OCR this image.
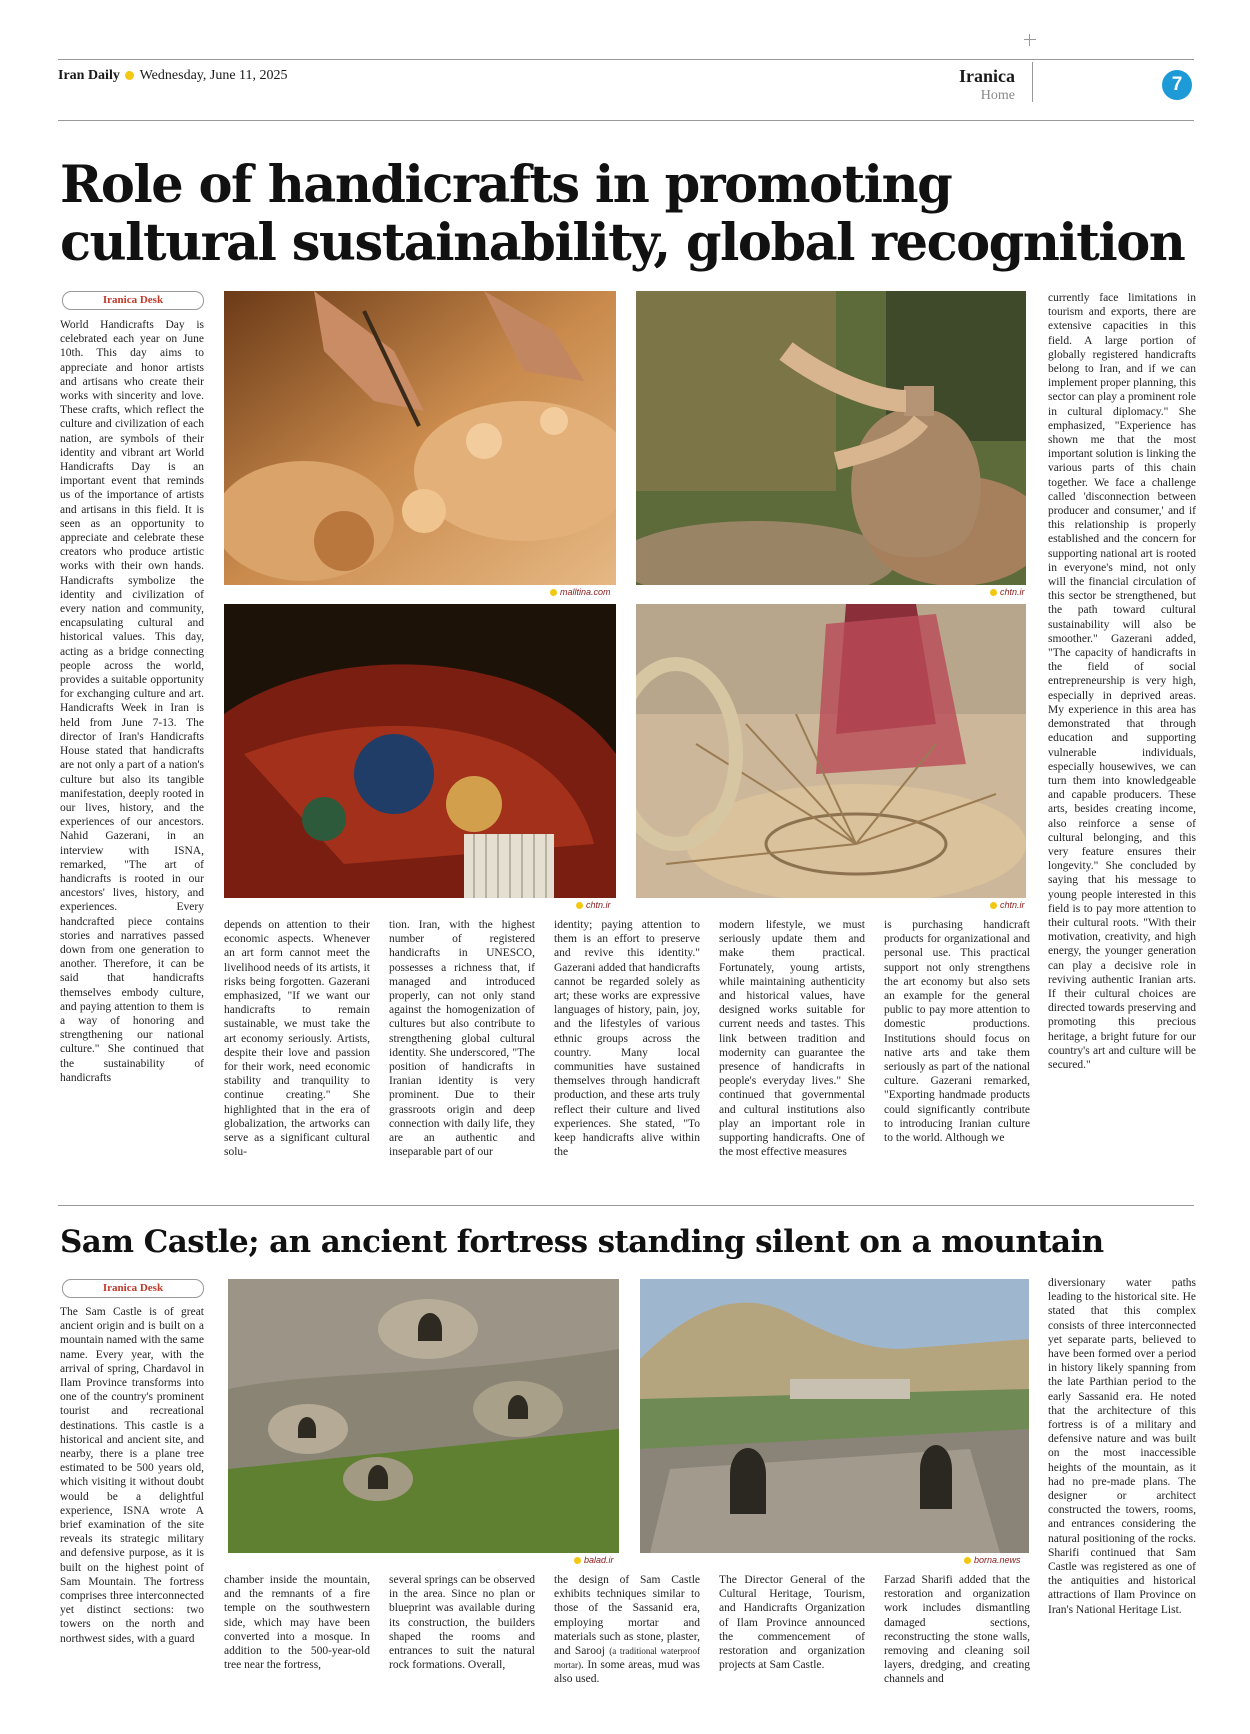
Iran Daily Wednesday, June 11, 2025	Iranica
Home
7
Role of handicrafts in promoting
cultural sustainability, global recognition
Iranica Desk
malltina.com	chtn.ir
chtn.ir	chtn.ir
World Handicrafts Day is celebrated each year on June 10th. This day aims to appreciate and honor artists and artisans who create their works with sincerity and love. These crafts, which reflect the culture and civilization of each nation, are symbols of their identity and vibrant art World Handicrafts Day is an important event that reminds us of the importance of artists and artisans in this field. It is seen as an opportunity to appreciate and celebrate these creators who produce artistic works with their own hands. Handicrafts symbolize the identity and civilization of every nation and community, encapsulating cultural and historical values. This day, acting as a bridge connecting people across the world, provides a suitable opportunity for exchanging culture and art. Handicrafts Week in Iran is held from June 7-13. The director of Iran's Handicrafts House stated that handicrafts are not only a part of a nation's culture but also its tangible manifestation, deeply rooted in our lives, history, and the experiences of our ancestors. Nahid Gazerani, in an interview with ISNA, remarked, "The art of handicrafts is rooted in our ancestors' lives, history, and experiences. Every handcrafted piece contains stories and narratives passed down from one generation to another. Therefore, it can be said that handicrafts themselves embody culture, and paying attention to them is a way of honoring and strengthening our national culture." She continued that the sustainability of handicrafts
depends on attention to their economic aspects. Whenever an art form cannot meet the livelihood needs of its artists, it risks being forgotten. Gazerani emphasized, "If we want our handicrafts to remain sustainable, we must take the art economy seriously. Artists, despite their love and passion for their work, need economic stability and tranquility to continue creating." She highlighted that in the era of globalization, the artworks can serve as a significant cultural solu-
tion. Iran, with the highest number of registered handicrafts in UNESCO, possesses a richness that, if managed and introduced properly, can not only stand against the homogenization of cultures but also contribute to strengthening global cultural identity. She underscored, "The position of handicrafts in Iranian identity is very prominent. Due to their grassroots origin and deep connection with daily life, they are an authentic and inseparable part of our
identity; paying attention to them is an effort to preserve and revive this identity." Gazerani added that handicrafts cannot be regarded solely as art; these works are expressive languages of history, pain, joy, and the lifestyles of various ethnic groups across the country. Many local communities have sustained themselves through handicraft production, and these arts truly reflect their culture and lived experiences. She stated, "To keep handicrafts alive within the
modern lifestyle, we must seriously update them and make them practical. Fortunately, young artists, while maintaining authenticity and historical values, have designed works suitable for current needs and tastes. This link between tradition and modernity can guarantee the presence of handicrafts in people's everyday lives." She continued that governmental and cultural institutions also play an important role in supporting handicrafts. One of the most effective measures
is purchasing handicraft products for organizational and personal use. This practical support not only strengthens the art economy but also sets an example for the general public to pay more attention to domestic productions. Institutions should focus on native arts and take them seriously as part of the national culture. Gazerani remarked, "Exporting handmade products could significantly contribute to introducing Iranian culture to the world. Although we
currently face limitations in tourism and exports, there are extensive capacities in this field. A large portion of globally registered handicrafts belong to Iran, and if we can implement proper planning, this sector can play a prominent role in cultural diplomacy." She emphasized, "Experience has shown me that the most important solution is linking the various parts of this chain together. We face a challenge called 'disconnection between producer and consumer,' and if this relationship is properly established and the concern for supporting national art is rooted in everyone's mind, not only will the financial circulation of this sector be strengthened, but the path toward cultural sustainability will also be smoother." Gazerani added, "The capacity of handicrafts in the field of social entrepreneurship is very high, especially in deprived areas. My experience in this area has demonstrated that through education and supporting vulnerable individuals, especially housewives, we can turn them into knowledgeable and capable producers. These arts, besides creating income, also reinforce a sense of cultural belonging, and this very feature ensures their longevity." She concluded by saying that his message to young people interested in this field is to pay more attention to their cultural roots. "With their motivation, creativity, and high energy, the younger generation can play a decisive role in reviving authentic Iranian arts. If their cultural choices are directed towards preserving and promoting this precious heritage, a bright future for our country's art and culture will be secured."
Sam Castle; an ancient fortress standing silent on a mountain
Iranica Desk
balad.ir	borna.news
The Sam Castle is of great ancient origin and is built on a mountain named with the same name. Every year, with the arrival of spring, Chardavol in Ilam Province transforms into one of the country's prominent tourist and recreational destinations. This castle is a historical and ancient site, and nearby, there is a plane tree estimated to be 500 years old, which visiting it without doubt would be a delightful experience, ISNA wrote A brief examination of the site reveals its strategic military and defensive purpose, as it is built on the highest point of Sam Mountain. The fortress comprises three interconnected yet distinct sections: two towers on the north and northwest sides, with a guard
chamber inside the mountain, and the remnants of a fire temple on the southwestern side, which may have been converted into a mosque. In addition to the 500-year-old tree near the fortress,
several springs can be observed in the area. Since no plan or blueprint was available during its construction, the builders shaped the rooms and entrances to suit the natural rock formations. Overall,
the design of Sam Castle exhibits techniques similar to those of the Sassanid era, employing mortar and materials such as stone, plaster, and Sarooj (a traditional waterproof mortar). In some areas, mud was also used.
The Director General of the Cultural Heritage, Tourism, and Handicrafts Organization of Ilam Province announced the commencement of restoration and organization projects at Sam Castle.
Farzad Sharifi added that the restoration and organization work includes dismantling damaged sections, reconstructing the stone walls, removing and cleaning soil layers, dredging, and creating channels and
diversionary water paths leading to the historical site. He stated that this complex consists of three interconnected yet separate parts, believed to have been formed over a period in history likely spanning from the late Parthian period to the early Sassanid era. He noted that the architecture of this fortress is of a military and defensive nature and was built on the most inaccessible heights of the mountain, as it had no pre-made plans. The designer or architect constructed the towers, rooms, and entrances considering the natural positioning of the rocks. Sharifi continued that Sam Castle was registered as one of the antiquities and historical attractions of Ilam Province on Iran's National Heritage List.
